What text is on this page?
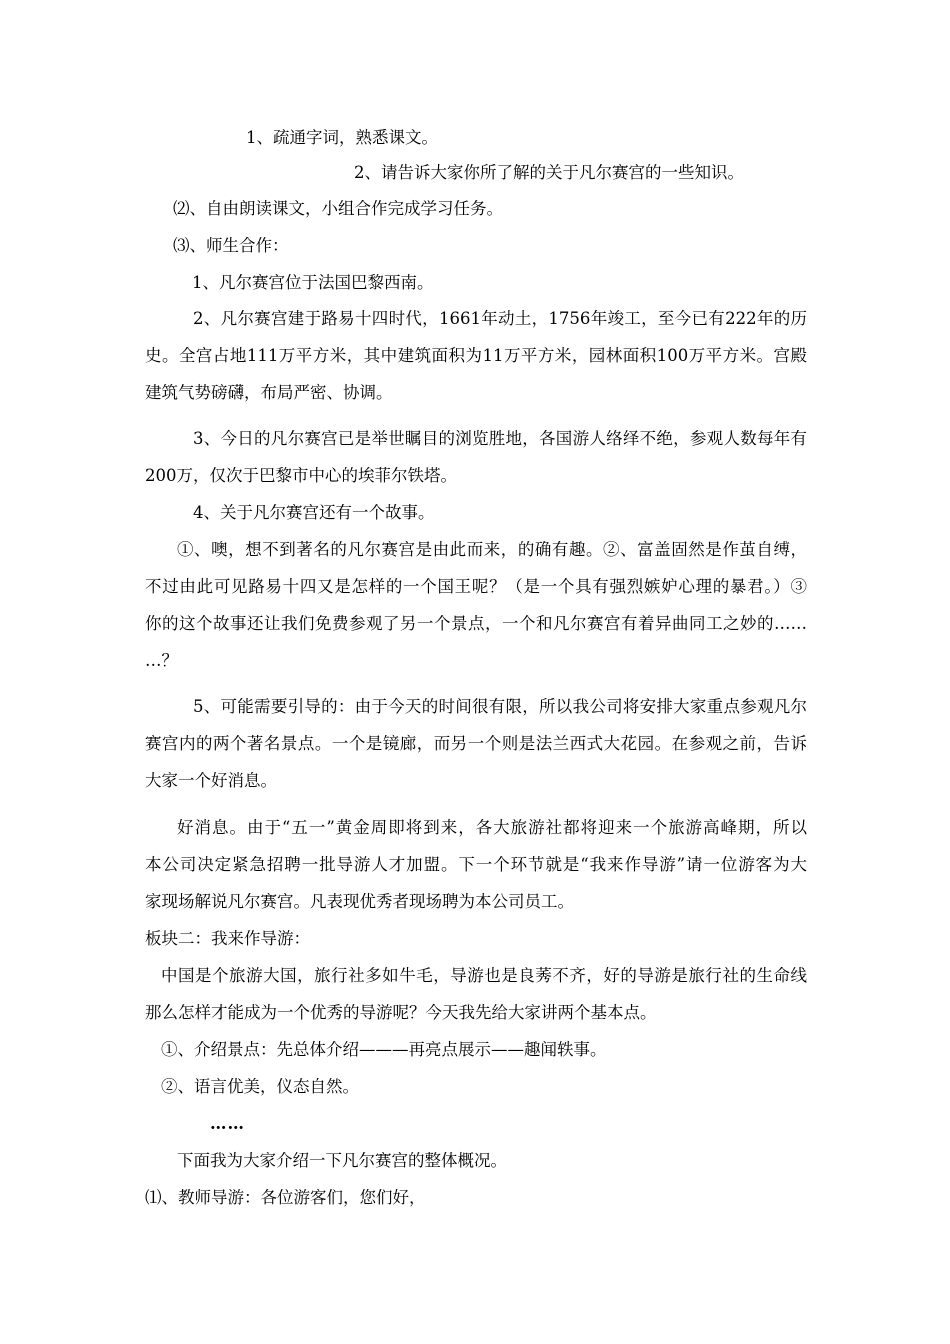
1、疏通字词，熟悉课文。
2、请告诉大家你所了解的关于凡尔赛宫的一些知识。
⑵、自由朗读课文，小组合作完成学习任务。
⑶、师生合作：
1、凡尔赛宫位于法国巴黎西南。
2、凡尔赛宫建于路易十四时代，1661年动土，1756年竣工，至今已有222年的历
史。全宫占地111万平方米，其中建筑面积为11万平方米，园林面积100万平方米。宫殿
建筑气势磅礴，布局严密、协调。
3、今日的凡尔赛宫已是举世瞩目的浏览胜地，各国游人络绎不绝，参观人数每年有
200万，仅次于巴黎市中心的埃菲尔铁塔。
4、关于凡尔赛宫还有一个故事。
①、噢，想不到著名的凡尔赛宫是由此而来，的确有趣。②、富盖固然是作茧自缚，
不过由此可见路易十四又是怎样的一个国王呢？（是一个具有强烈嫉妒心理的暴君。）③
你的这个故事还让我们免费参观了另一个景点，一个和凡尔赛宫有着异曲同工之妙的……
…？
5、可能需要引导的：由于今天的时间很有限，所以我公司将安排大家重点参观凡尔
赛宫内的两个著名景点。一个是镜廊，而另一个则是法兰西式大花园。在参观之前，告诉
大家一个好消息。
好消息。由于“五一”黄金周即将到来，各大旅游社都将迎来一个旅游高峰期，所以
本公司决定紧急招聘一批导游人才加盟。下一个环节就是“我来作导游”请一位游客为大
家现场解说凡尔赛宫。凡表现优秀者现场聘为本公司员工。
板块二：我来作导游：
中国是个旅游大国，旅行社多如牛毛，导游也是良莠不齐，好的导游是旅行社的生命线
那么怎样才能成为一个优秀的导游呢？今天我先给大家讲两个基本点。
①、介绍景点：先总体介绍———再亮点展示——趣闻轶事。
②、语言优美，仪态自然。
……
下面我为大家介绍一下凡尔赛宫的整体概况。
⑴、教师导游：各位游客们，您们好，
